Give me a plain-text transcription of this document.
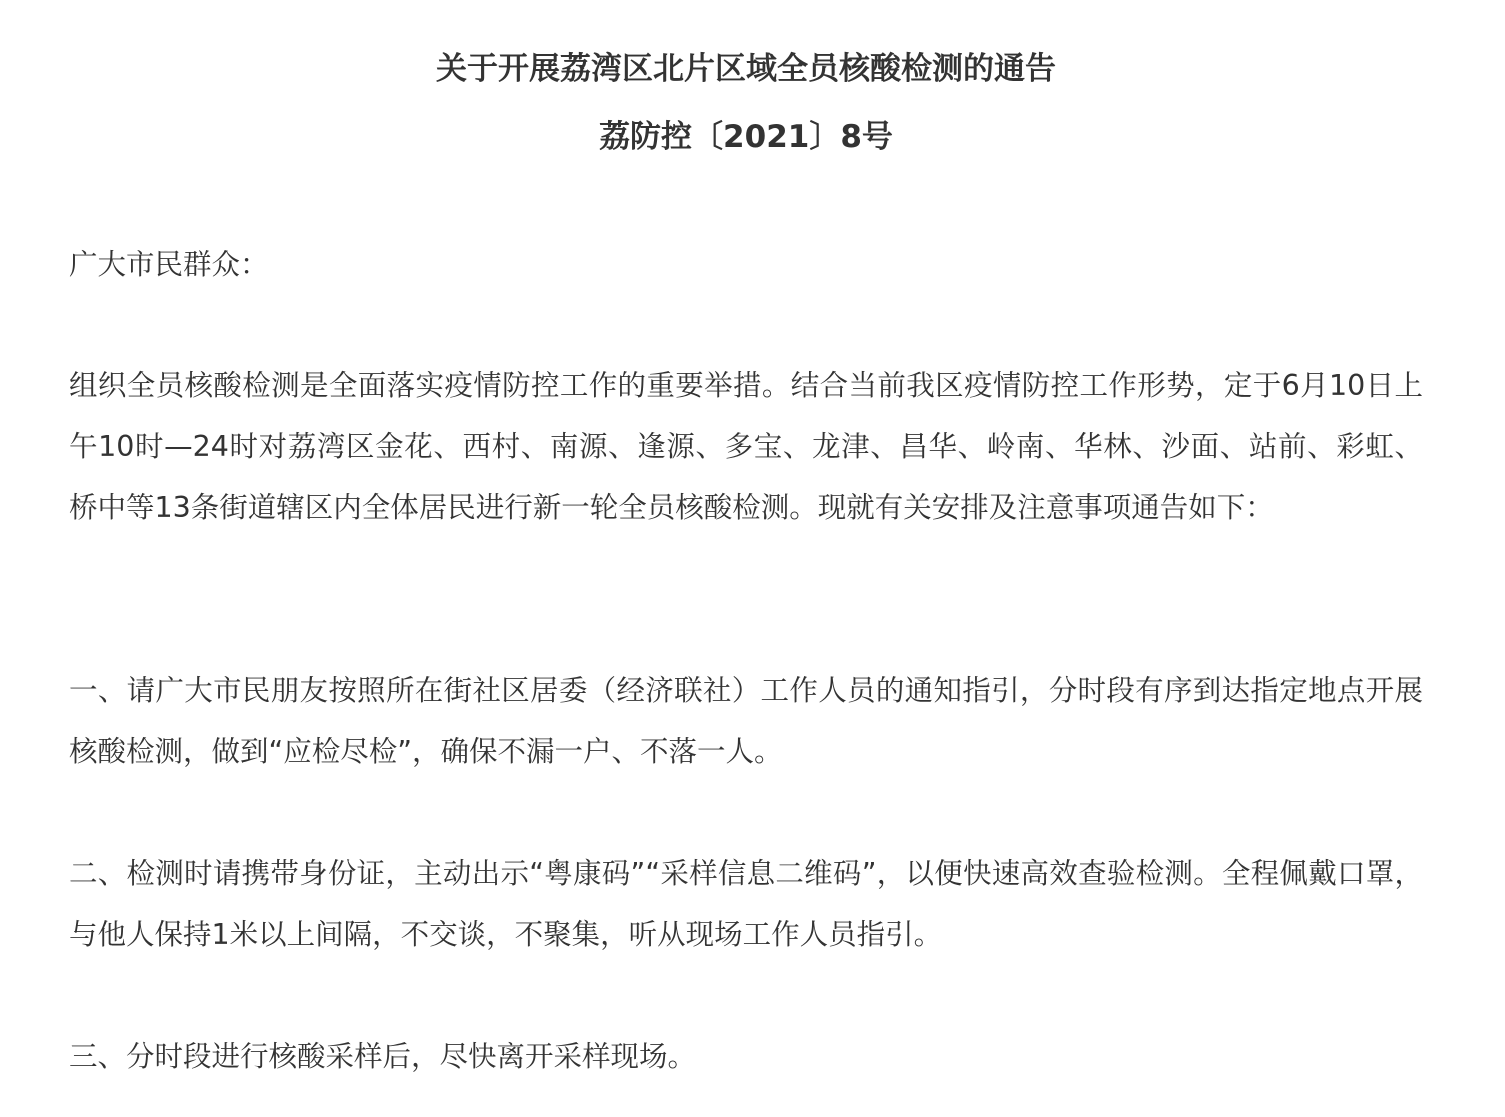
关于开展荔湾区北片区域全员核酸检测的通告
荔防控〔2021〕8号

广大市民群众：

组织全员核酸检测是全面落实疫情防控工作的重要举措。结合当前我区疫情防控工作形势，定于6月10日上午10时—24时对荔湾区金花、西村、南源、逢源、多宝、龙津、昌华、岭南、华林、沙面、站前、彩虹、桥中等13条街道辖区内全体居民进行新一轮全员核酸检测。现就有关安排及注意事项通告如下：

一、请广大市民朋友按照所在街社区居委（经济联社）工作人员的通知指引，分时段有序到达指定地点开展核酸检测，做到“应检尽检”，确保不漏一户、不落一人。

二、检测时请携带身份证，主动出示“粤康码”“采样信息二维码”，以便快速高效查验检测。全程佩戴口罩，与他人保持1米以上间隔，不交谈，不聚集，听从现场工作人员指引。

三、分时段进行核酸采样后，尽快离开采样现场。
